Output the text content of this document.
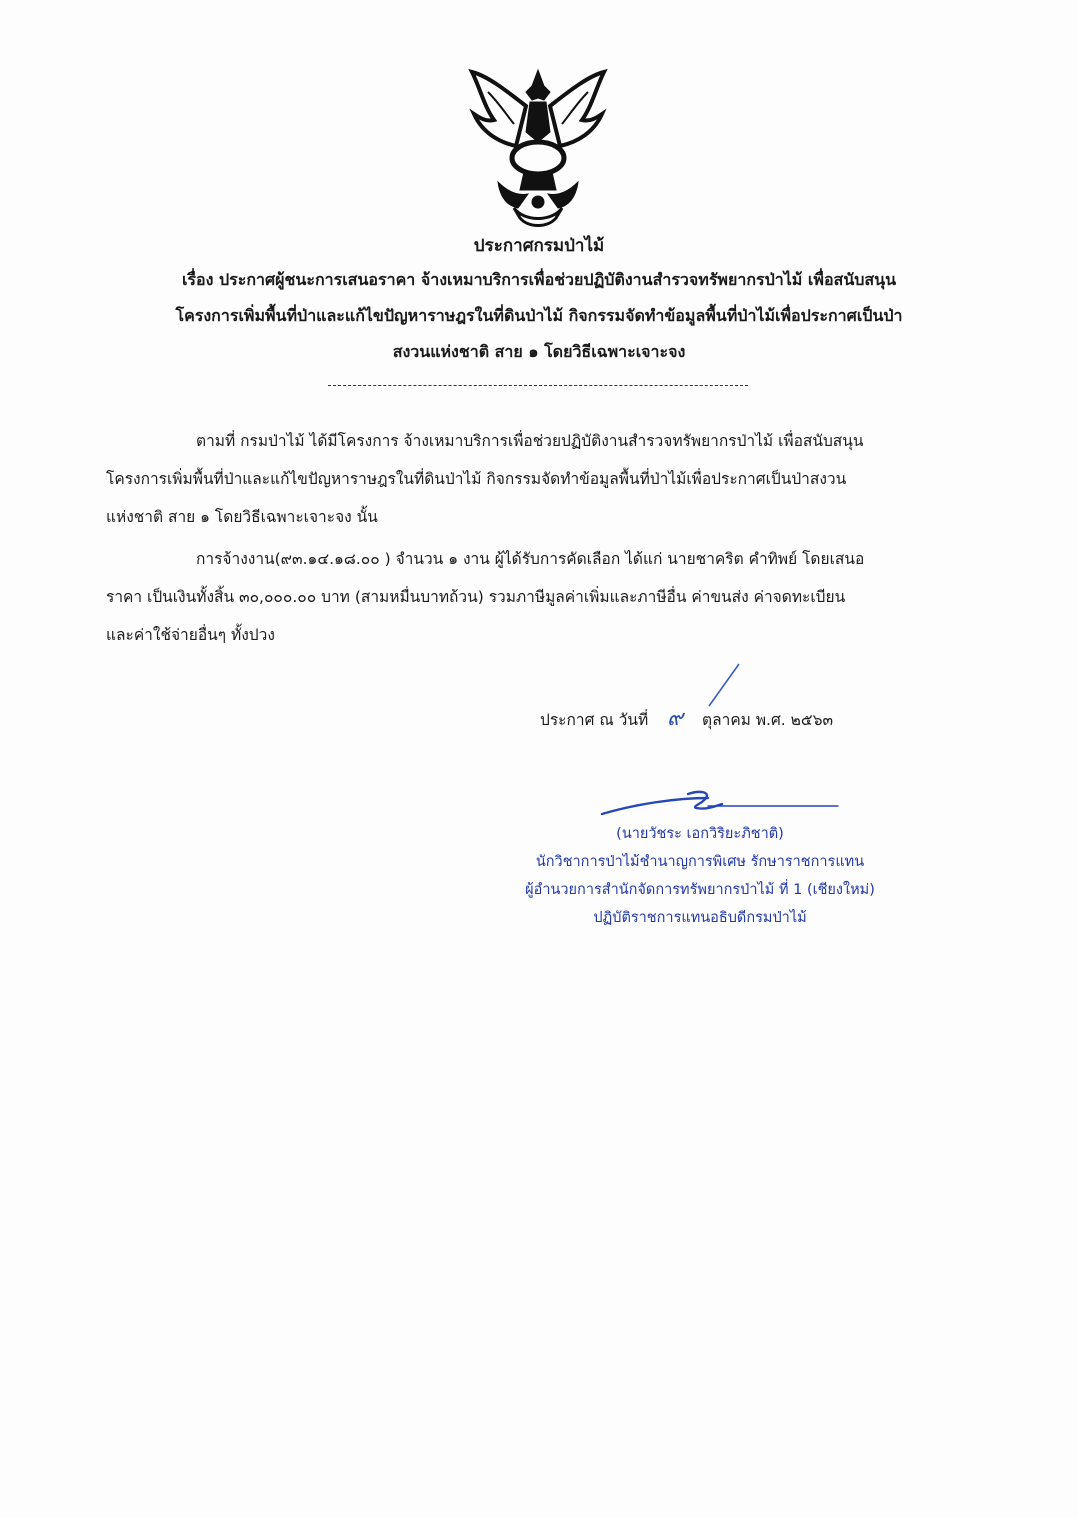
ประกาศกรมป่าไม้
เรื่อง ประกาศผู้ชนะการเสนอราคา จ้างเหมาบริการเพื่อช่วยปฏิบัติงานสำรวจทรัพยากรป่าไม้ เพื่อสนับสนุน
โครงการเพิ่มพื้นที่ป่าและแก้ไขปัญหาราษฎรในที่ดินป่าไม้ กิจกรรมจัดทำข้อมูลพื้นที่ป่าไม้เพื่อประกาศเป็นป่า
สงวนแห่งชาติ สาย ๑ โดยวิธีเฉพาะเจาะจง
ตามที่ กรมป่าไม้ ได้มีโครงการ จ้างเหมาบริการเพื่อช่วยปฏิบัติงานสำรวจทรัพยากรป่าไม้ เพื่อสนับสนุน
โครงการเพิ่มพื้นที่ป่าและแก้ไขปัญหาราษฎรในที่ดินป่าไม้ กิจกรรมจัดทำข้อมูลพื้นที่ป่าไม้เพื่อประกาศเป็นป่าสงวน
แห่งชาติ สาย ๑ โดยวิธีเฉพาะเจาะจง นั้น
การจ้างงาน(๙๓.๑๔.๑๘.๐๐ ) จำนวน ๑ งาน ผู้ได้รับการคัดเลือก ได้แก่ นายชาคริต คำทิพย์ โดยเสนอ
ราคา เป็นเงินทั้งสิ้น ๓๐,๐๐๐.๐๐ บาท (สามหมื่นบาทถ้วน) รวมภาษีมูลค่าเพิ่มและภาษีอื่น ค่าขนส่ง ค่าจดทะเบียน
และค่าใช้จ่ายอื่นๆ ทั้งปวง
ประกาศ ณ วันที่ ๙ ตุลาคม พ.ศ. ๒๕๖๓
(นายวัชระ เอกวิริยะภิชาติ)
นักวิชาการป่าไม้ชำนาญการพิเศษ รักษาราชการแทน
ผู้อำนวยการสำนักจัดการทรัพยากรป่าไม้ ที่ 1 (เชียงใหม่)
ปฏิบัติราชการแทนอธิบดีกรมป่าไม้
